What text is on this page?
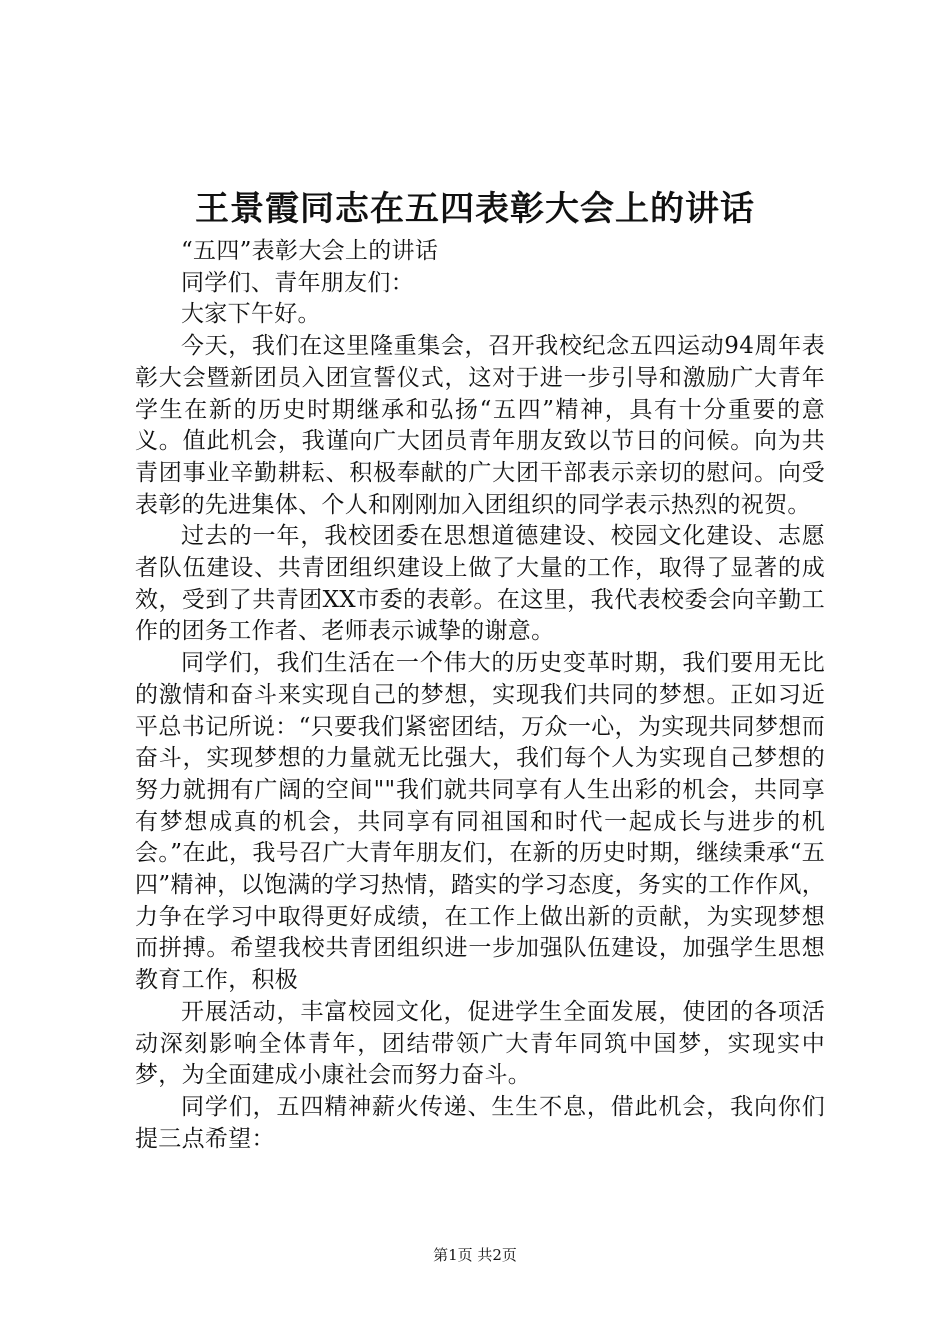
王景霞同志在五四表彰大会上的讲话

“五四”表彰大会上的讲话

同学们、青年朋友们：

大家下午好。

今天，我们在这里隆重集会，召开我校纪念五四运动94周年表彰大会暨新团员入团宣誓仪式，这对于进一步引导和激励广大青年学生在新的历史时期继承和弘扬“五四”精神，具有十分重要的意义。值此机会，我谨向广大团员青年朋友致以节日的问候。向为共青团事业辛勤耕耘、积极奉献的广大团干部表示亲切的慰问。向受表彰的先进集体、个人和刚刚加入团组织的同学表示热烈的祝贺。

过去的一年，我校团委在思想道德建设、校园文化建设、志愿者队伍建设、共青团组织建设上做了大量的工作，取得了显著的成效，受到了共青团XX市委的表彰。在这里，我代表校委会向辛勤工作的团务工作者、老师表示诚挚的谢意。

同学们，我们生活在一个伟大的历史变革时期，我们要用无比的激情和奋斗来实现自己的梦想，实现我们共同的梦想。正如习近平总书记所说：“只要我们紧密团结，万众一心，为实现共同梦想而奋斗，实现梦想的力量就无比强大，我们每个人为实现自己梦想的努力就拥有广阔的空间""我们就共同享有人生出彩的机会，共同享有梦想成真的机会，共同享有同祖国和时代一起成长与进步的机会。”在此，我号召广大青年朋友们，在新的历史时期，继续秉承“五四”精神，以饱满的学习热情，踏实的学习态度，务实的工作作风，力争在学习中取得更好成绩，在工作上做出新的贡献，为实现梦想而拼搏。希望我校共青团组织进一步加强队伍建设，加强学生思想教育工作，积极

开展活动，丰富校园文化，促进学生全面发展，使团的各项活动深刻影响全体青年，团结带领广大青年同筑中国梦，实现实中梦，为全面建成小康社会而努力奋斗。

同学们，五四精神薪火传递、生生不息，借此机会，我向你们提三点希望：

第1页 共2页
